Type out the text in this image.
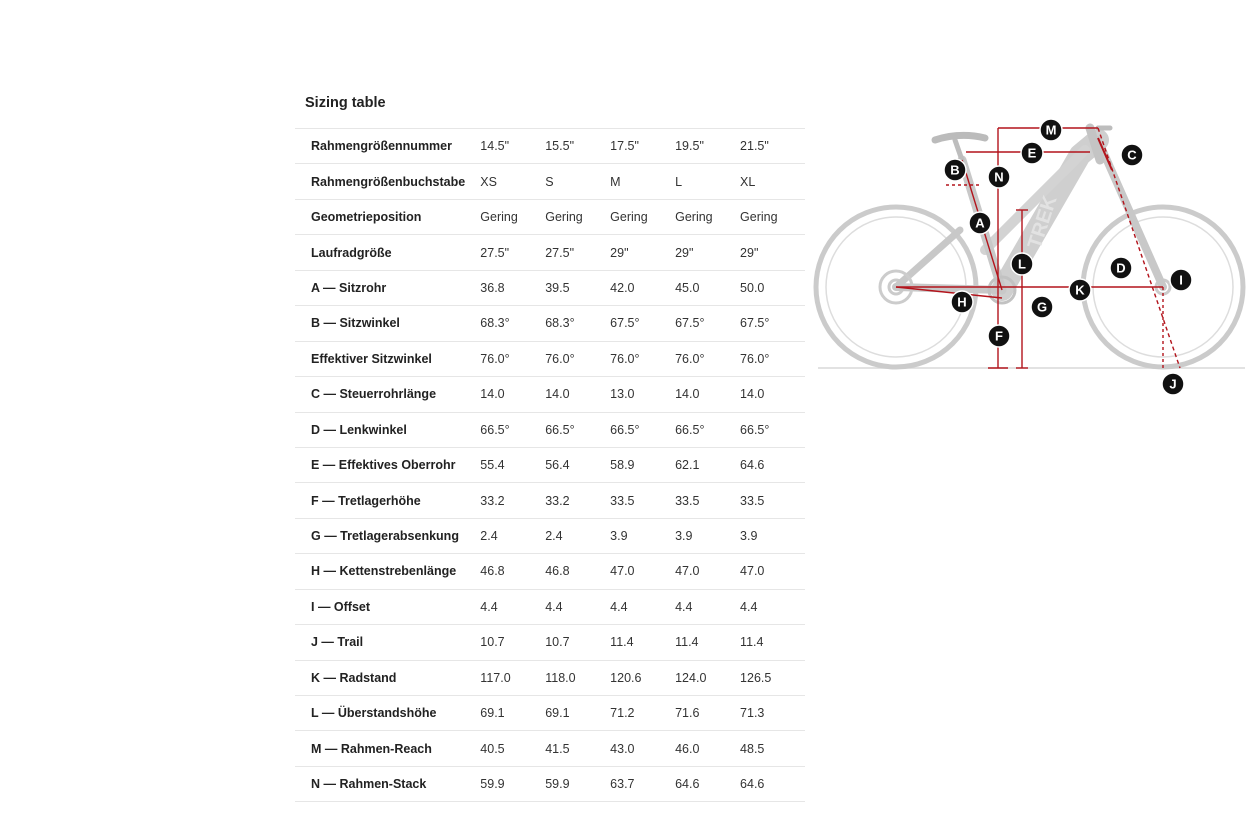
Sizing table
Rahmengrößennummer	14.5"	15.5"	17.5"	19.5"	21.5"
Rahmengrößenbuchstabe	XS	S	M	L	XL
Geometrieposition	Gering	Gering	Gering	Gering	Gering
Laufradgröße	27.5"	27.5"	29"	29"	29"
A — Sitzrohr	36.8	39.5	42.0	45.0	50.0
B — Sitzwinkel	68.3°	68.3°	67.5°	67.5°	67.5°
Effektiver Sitzwinkel	76.0°	76.0°	76.0°	76.0°	76.0°
C — Steuerrohrlänge	14.0	14.0	13.0	14.0	14.0
D — Lenkwinkel	66.5°	66.5°	66.5°	66.5°	66.5°
E — Effektives Oberrohr	55.4	56.4	58.9	62.1	64.6
F — Tretlagerhöhe	33.2	33.2	33.5	33.5	33.5
G — Tretlagerabsenkung	2.4	2.4	3.9	3.9	3.9
H — Kettenstrebenlänge	46.8	46.8	47.0	47.0	47.0
I — Offset	4.4	4.4	4.4	4.4	4.4
J — Trail	10.7	10.7	11.4	11.4	11.4
K — Radstand	117.0	118.0	120.6	124.0	126.5
L — Überstandshöhe	69.1	69.1	71.2	71.6	71.3
M — Rahmen-Reach	40.5	41.5	43.0	46.0	48.5
N — Rahmen-Stack	59.9	59.9	63.7	64.6	64.6
TREK
A
B
C
D
E
F
G
H
I
J
K
L
M
N
